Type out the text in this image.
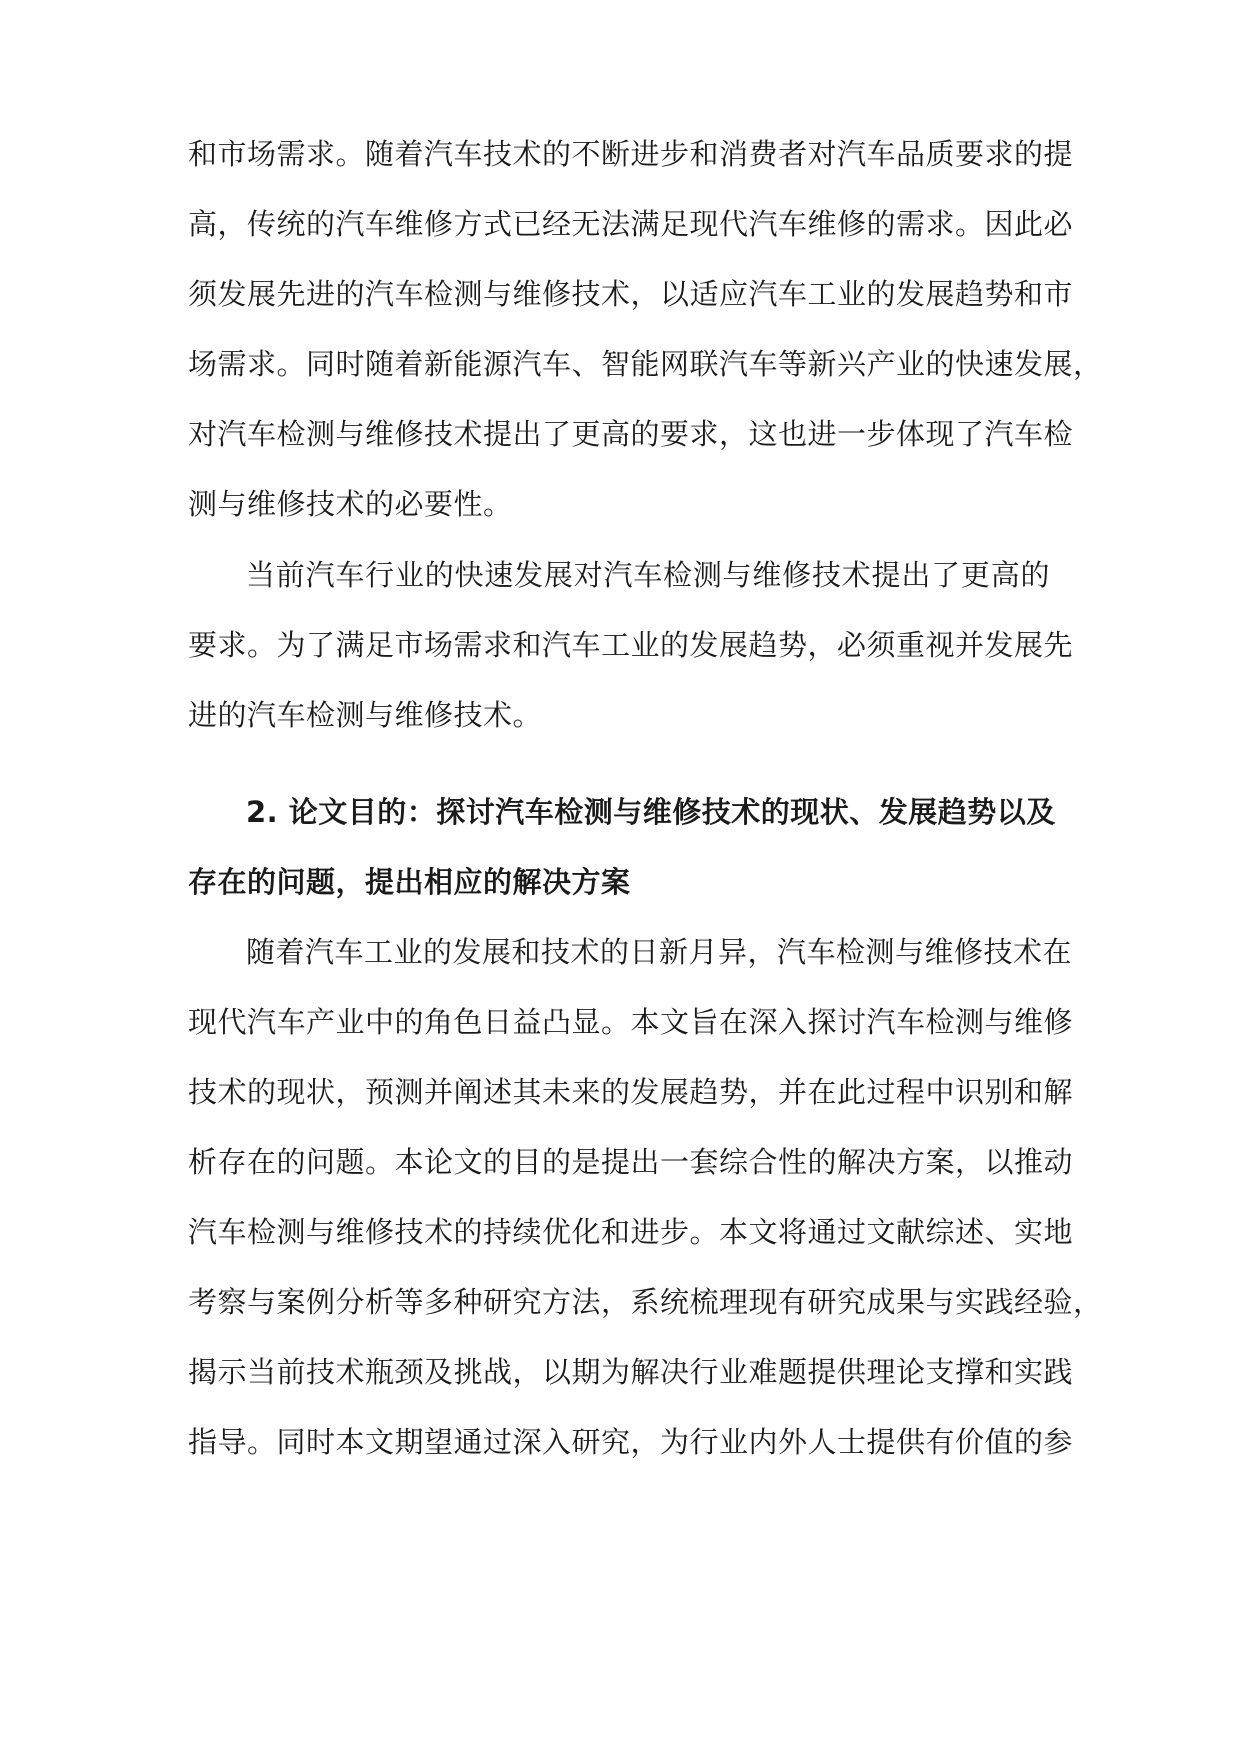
和市场需求。随着汽车技术的不断进步和消费者对汽车品质要求的提
高，传统的汽车维修方式已经无法满足现代汽车维修的需求。因此必
须发展先进的汽车检测与维修技术，以适应汽车工业的发展趋势和市
场需求。同时随着新能源汽车、智能网联汽车等新兴产业的快速发展，
对汽车检测与维修技术提出了更高的要求，这也进一步体现了汽车检
测与维修技术的必要性。
当前汽车行业的快速发展对汽车检测与维修技术提出了更高的
要求。为了满足市场需求和汽车工业的发展趋势，必须重视并发展先
进的汽车检测与维修技术。
2. 论文目的：探讨汽车检测与维修技术的现状、发展趋势以及
存在的问题，提出相应的解决方案
随着汽车工业的发展和技术的日新月异，汽车检测与维修技术在
现代汽车产业中的角色日益凸显。本文旨在深入探讨汽车检测与维修
技术的现状，预测并阐述其未来的发展趋势，并在此过程中识别和解
析存在的问题。本论文的目的是提出一套综合性的解决方案，以推动
汽车检测与维修技术的持续优化和进步。本文将通过文献综述、实地
考察与案例分析等多种研究方法，系统梳理现有研究成果与实践经验，
揭示当前技术瓶颈及挑战，以期为解决行业难题提供理论支撑和实践
指导。同时本文期望通过深入研究，为行业内外人士提供有价值的参
